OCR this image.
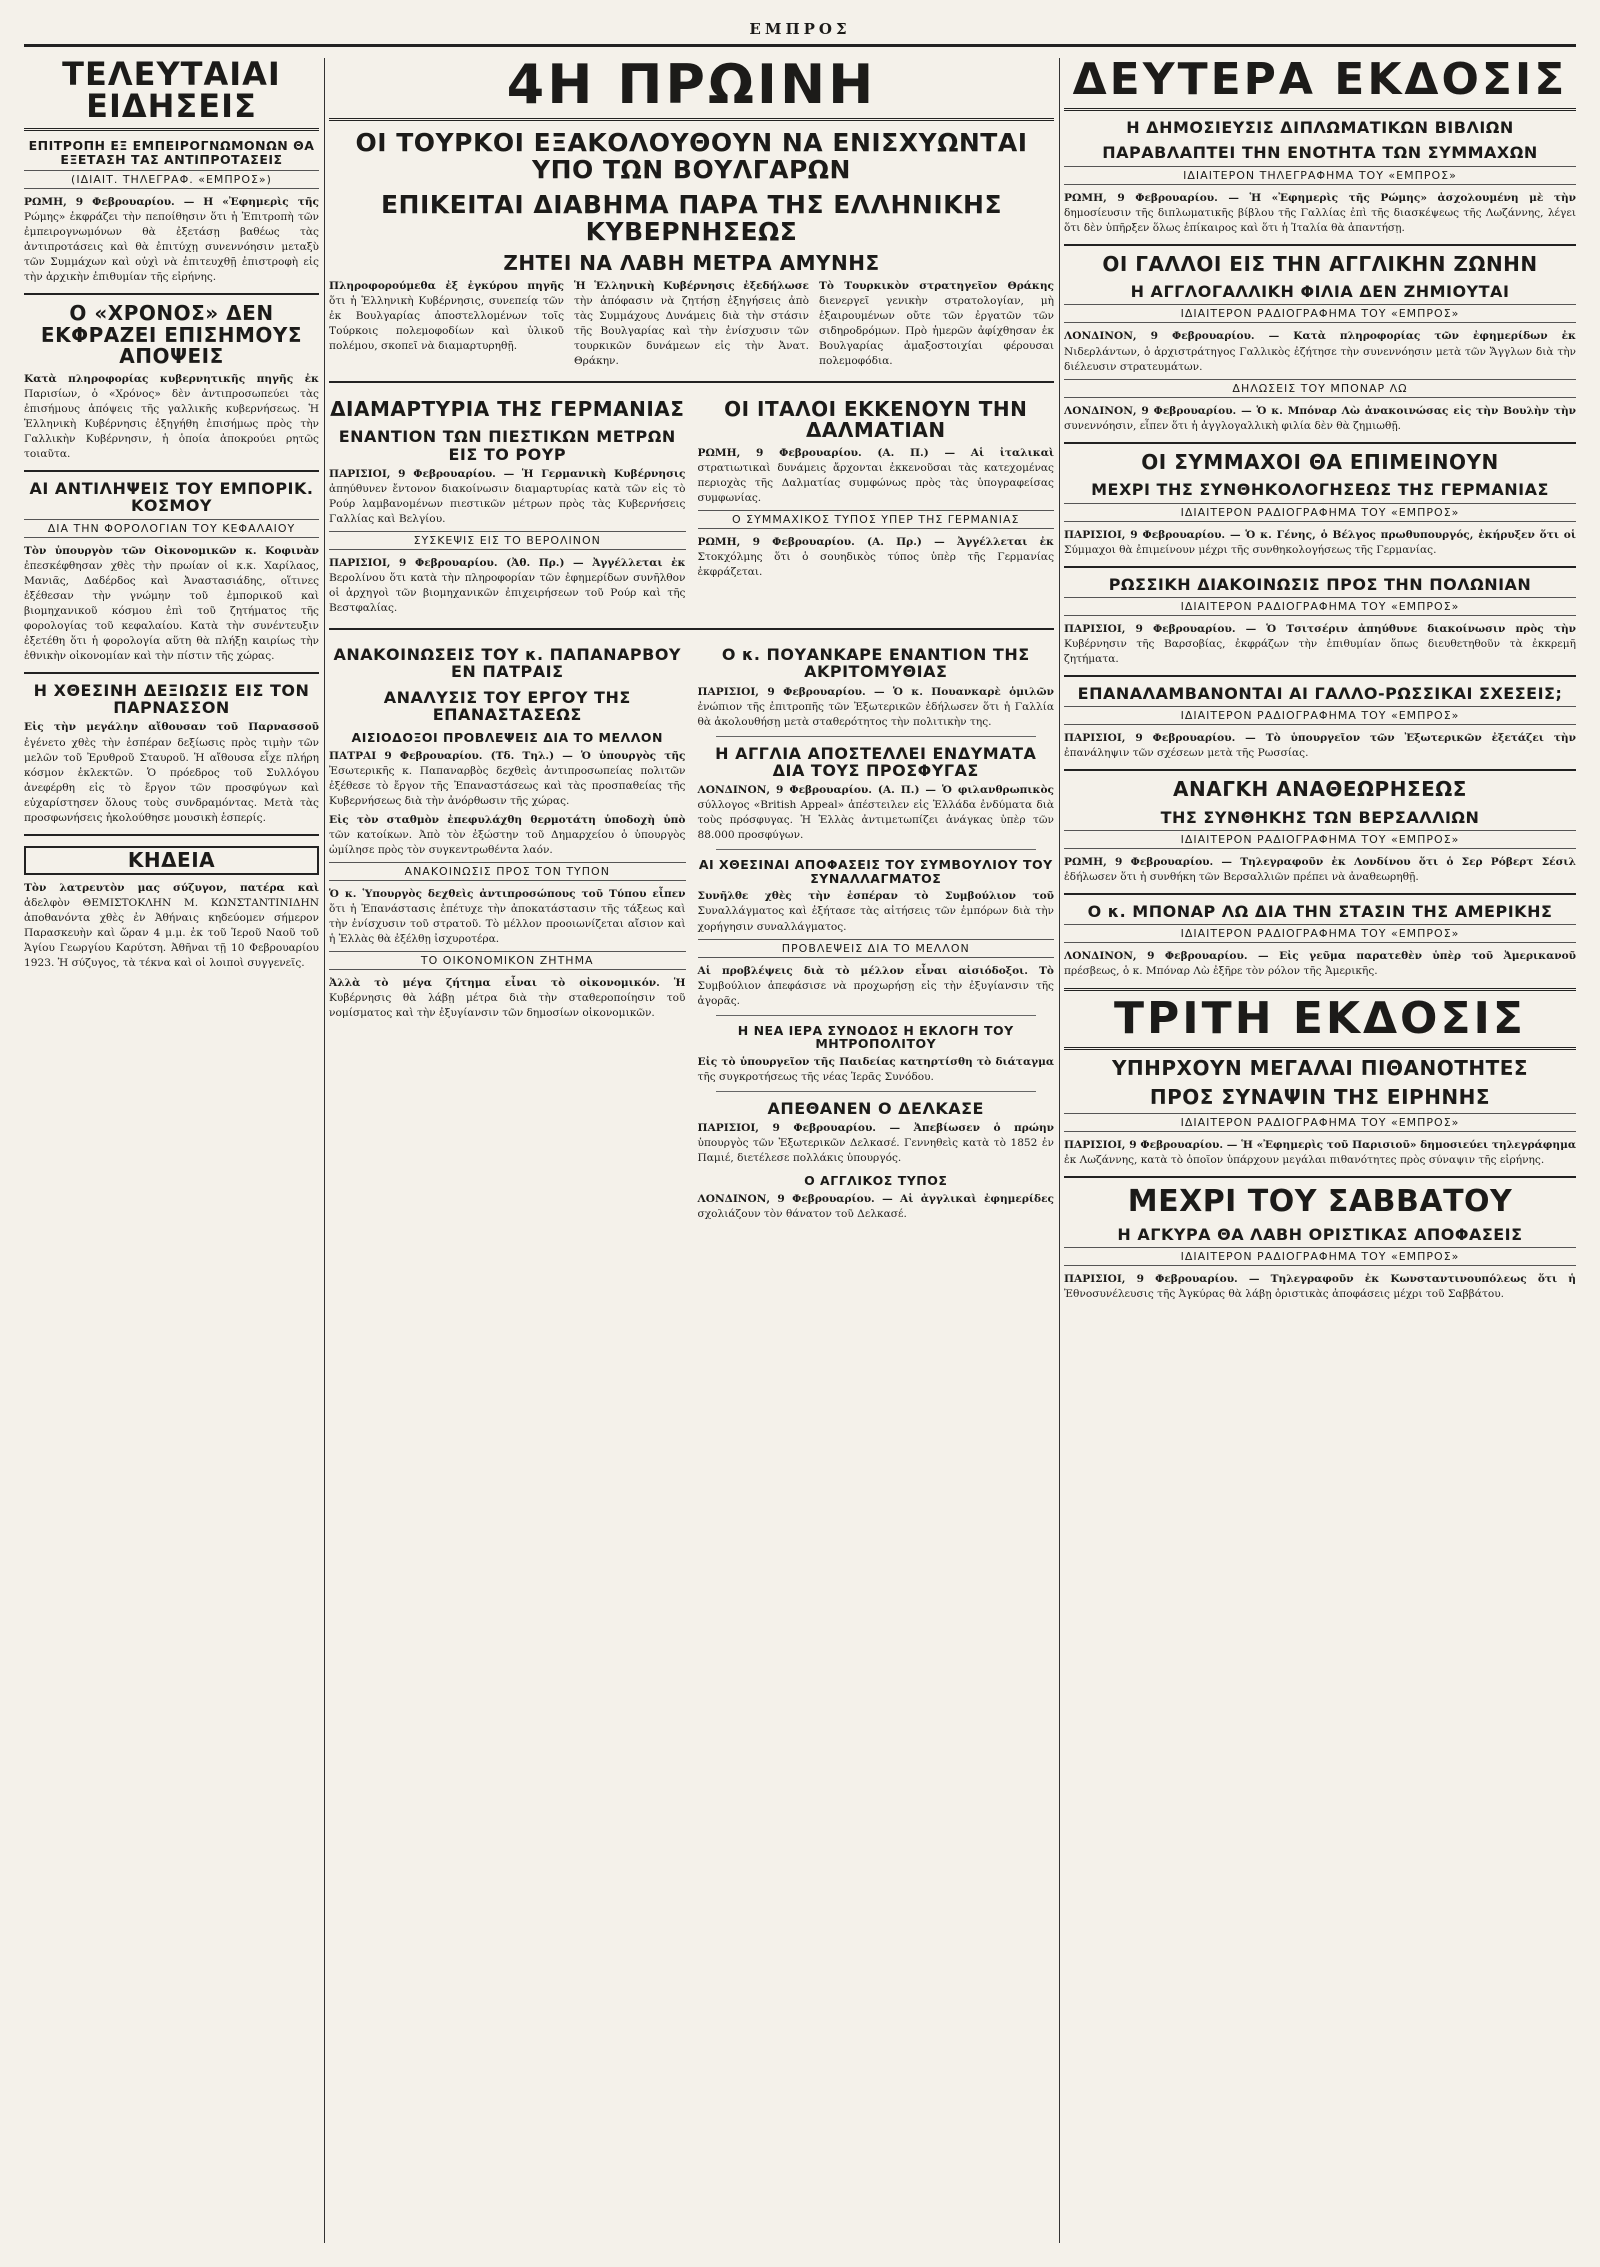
ΕΜΠΡΟΣ
ΤΕΛΕΥΤΑΙΑΙ ΕΙΔΗΣΕΙΣ
ΕΠΙΤΡΟΠΗ ΕΞ ΕΜΠΕΙΡΟΓΝΩΜΟΝΩΝ ΘΑ ΕΞΕΤΑΣΗ ΤΑΣ ΑΝΤΙΠΡΟΤΑΣΕΙΣ
(ΙΔΙΑΙΤ. ΤΗΛΕΓΡΑΦ. «ΕΜΠΡΟΣ»)

ΡΩΜΗ, 9 Φεβρουαρίου. — Η «Ἐφημερὶς τῆς Ρώμης» ἐκφράζει τὴν πεποίθησιν ὅτι ἡ Ἐπιτροπὴ τῶν ἐμπειρογνωμόνων θὰ ἐξετάσῃ βαθέως τὰς ἀντιπροτάσεις καὶ θὰ ἐπιτύχῃ συνεννόησιν μεταξὺ τῶν Συμμάχων καὶ οὐχὶ νὰ ἐπιτευχθῇ ἐπιστροφὴ εἰς τὴν ἀρχικὴν ἐπιθυμίαν τῆς εἰρήνης.

Ο «ΧΡΟΝΟΣ» ΔΕΝ ΕΚΦΡΑΖΕΙ ΕΠΙΣΗΜΟΥΣ ΑΠΟΨΕΙΣ

Κατὰ πληροφορίας κυβερνητικῆς πηγῆς ἐκ Παρισίων, ὁ «Χρόνος» δὲν ἀντιπροσωπεύει τὰς ἐπισήμους ἀπόψεις τῆς γαλλικῆς κυβερνήσεως. Ἡ Ἑλληνικὴ Κυβέρνησις ἐξηγήθη ἐπισήμως πρὸς τὴν Γαλλικὴν Κυβέρνησιν, ἡ ὁποία ἀποκρούει ρητῶς τοιαῦτα.

ΑΙ ΑΝΤΙΛΗΨΕΙΣ ΤΟΥ ΕΜΠΟΡΙΚ. ΚΟΣΜΟΥ
ΔΙΑ ΤΗΝ ΦΟΡΟΛΟΓΙΑΝ ΤΟΥ ΚΕΦΑΛΑΙΟΥ

Τὸν ὑπουργὸν τῶν Οἰκονομικῶν κ. Κοφινὰν ἐπεσκέφθησαν χθὲς τὴν πρωίαν οἱ κ.κ. Χαρίλαος, Μανιᾶς, Δαδέρδος καὶ Ἀναστασιάδης, οἵτινες ἐξέθεσαν τὴν γνώμην τοῦ ἐμπορικοῦ καὶ βιομηχανικοῦ κόσμου ἐπὶ τοῦ ζητήματος τῆς φορολογίας τοῦ κεφαλαίου. Κατὰ τὴν συνέντευξιν ἐξετέθη ὅτι ἡ φορολογία αὕτη θὰ πλήξῃ καιρίως τὴν ἐθνικὴν οἰκονομίαν καὶ τὴν πίστιν τῆς χώρας.

Η ΧΘΕΣΙΝΗ ΔΕΞΙΩΣΙΣ ΕΙΣ ΤΟΝ ΠΑΡΝΑΣΣΟΝ

Εἰς τὴν μεγάλην αἴθουσαν τοῦ Παρνασσοῦ ἐγένετο χθὲς τὴν ἑσπέραν δεξίωσις πρὸς τιμὴν τῶν μελῶν τοῦ Ἐρυθροῦ Σταυροῦ. Ἡ αἴθουσα εἶχε πλήρη κόσμον ἐκλεκτῶν. Ὁ πρόεδρος τοῦ Συλλόγου ἀνεφέρθη εἰς τὸ ἔργον τῶν προσφύγων καὶ εὐχαρίστησεν ὅλους τοὺς συνδραμόντας. Μετὰ τὰς προσφωνήσεις ἠκολούθησε μουσικὴ ἑσπερίς.

ΚΗΔΕΙΑ

Τὸν λατρευτὸν μας σύζυγον, πατέρα καὶ ἀδελφὸν ΘΕΜΙΣΤΟΚΛΗΝ Μ. ΚΩΝΣΤΑΝΤΙΝΙΔΗΝ ἀποθανόντα χθὲς ἐν Ἀθήναις κηδεύομεν σήμερον Παρασκευὴν καὶ ὥραν 4 μ.μ. ἐκ τοῦ Ἱεροῦ Ναοῦ τοῦ Ἁγίου Γεωργίου Καρύτση. Ἀθῆναι τῇ 10 Φεβρουαρίου 1923. Ἡ σύζυγος, τὰ τέκνα καὶ οἱ λοιποὶ συγγενεῖς.

4Η ΠΡΩΙΝΗ
ΟΙ ΤΟΥΡΚΟΙ ΕΞΑΚΟΛΟΥΘΟΥΝ ΝΑ ΕΝΙΣΧΥΩΝΤΑΙ ΥΠΟ ΤΩΝ ΒΟΥΛΓΑΡΩΝ
ΕΠΙΚΕΙΤΑΙ ΔΙΑΒΗΜΑ ΠΑΡΑ ΤΗΣ ΕΛΛΗΝΙΚΗΣ ΚΥΒΕΡΝΗΣΕΩΣ
ΖΗΤΕΙ ΝΑ ΛΑΒΗ ΜΕΤΡΑ ΑΜΥΝΗΣ

Πληροφορούμεθα ἐξ ἐγκύρου πηγῆς ὅτι ἡ Ἑλληνικὴ Κυβέρνησις, συνεπείᾳ τῶν ἐκ Βουλγαρίας ἀποστελλομένων τοῖς Τούρκοις πολεμοφοδίων καὶ ὑλικοῦ πολέμου, σκοπεῖ νὰ διαμαρτυρηθῇ.

Ἡ Ἑλληνικὴ Κυβέρνησις ἐξεδήλωσε τὴν ἀπόφασιν νὰ ζητήσῃ ἐξηγήσεις ἀπὸ τὰς Συμμάχους Δυνάμεις διὰ τὴν στάσιν τῆς Βουλγαρίας καὶ τὴν ἐνίσχυσιν τῶν τουρκικῶν δυνάμεων εἰς τὴν Ἀνατ. Θράκην.

Τὸ Τουρκικὸν στρατηγεῖον Θράκης διενεργεῖ γενικὴν στρατολογίαν, μὴ ἐξαιρουμένων οὔτε τῶν ἐργατῶν τῶν σιδηροδρόμων. Πρὸ ἡμερῶν ἀφίχθησαν ἐκ Βουλγαρίας ἁμαξοστοιχίαι φέρουσαι πολεμοφόδια.

ΔΙΑΜΑΡΤΥΡΙΑ ΤΗΣ ΓΕΡΜΑΝΙΑΣ
ΕΝΑΝΤΙΟΝ ΤΩΝ ΠΙΕΣΤΙΚΩΝ ΜΕΤΡΩΝ ΕΙΣ ΤΟ ΡΟΥΡ

ΠΑΡΙΣΙΟΙ, 9 Φεβρουαρίου. — Ἡ Γερμανικὴ Κυβέρνησις ἀπηύθυνεν ἔντονον διακοίνωσιν διαμαρτυρίας κατὰ τῶν εἰς τὸ Ρούρ λαμβανομένων πιεστικῶν μέτρων πρὸς τὰς Κυβερνήσεις Γαλλίας καὶ Βελγίου.

ΣΥΣΚΕΨΙΣ ΕΙΣ ΤΟ ΒΕΡΟΛΙΝΟΝ

ΠΑΡΙΣΙΟΙ, 9 Φεβρουαρίου. (Ἀθ. Πρ.) — Ἀγγέλλεται ἐκ Βερολίνου ὅτι κατὰ τὴν πληροφορίαν τῶν ἐφημερίδων συνῆλθον οἱ ἀρχηγοὶ τῶν βιομηχανικῶν ἐπιχειρήσεων τοῦ Ρούρ καὶ τῆς Βεστφαλίας.

ΟΙ ΙΤΑΛΟΙ ΕΚΚΕΝΟΥΝ ΤΗΝ ΔΑΛΜΑΤΙΑΝ

ΡΩΜΗ, 9 Φεβρουαρίου. (Α. Π.) — Αἱ ἰταλικαὶ στρατιωτικαὶ δυνάμεις ἄρχονται ἐκκενοῦσαι τὰς κατεχομένας περιοχὰς τῆς Δαλματίας συμφώνως πρὸς τὰς ὑπογραφείσας συμφωνίας.

Ο ΣΥΜΜΑΧΙΚΟΣ ΤΥΠΟΣ ΥΠΕΡ ΤΗΣ ΓΕΡΜΑΝΙΑΣ

ΡΩΜΗ, 9 Φεβρουαρίου. (Α. Πρ.) — Ἀγγέλλεται ἐκ Στοκχόλμης ὅτι ὁ σουηδικὸς τύπος ὑπὲρ τῆς Γερμανίας ἐκφράζεται.

ΑΝΑΚΟΙΝΩΣΕΙΣ ΤΟΥ κ. ΠΑΠΑΝΑΡΒΟΥ ΕΝ ΠΑΤΡΑΙΣ
ΑΝΑΛΥΣΙΣ ΤΟΥ ΕΡΓΟΥ ΤΗΣ ΕΠΑΝΑΣΤΑΣΕΩΣ
ΑΙΣΙΟΔΟΞΟΙ ΠΡΟΒΛΕΨΕΙΣ ΔΙΑ ΤΟ ΜΕΛΛΟΝ

ΠΑΤΡΑΙ 9 Φεβρουαρίου. (Τδ. Τηλ.) — Ὁ ὑπουργὸς τῆς Ἐσωτερικῆς κ. Παπαναρβὸς δεχθεὶς ἀντιπροσωπείας πολιτῶν ἐξέθεσε τὸ ἔργον τῆς Ἐπαναστάσεως καὶ τὰς προσπαθείας τῆς Κυβερνήσεως διὰ τὴν ἀνόρθωσιν τῆς χώρας.

Εἰς τὸν σταθμὸν ἐπεφυλάχθη θερμοτάτη ὑποδοχὴ ὑπὸ τῶν κατοίκων. Ἀπὸ τὸν ἐξώστην τοῦ Δημαρχείου ὁ ὑπουργὸς ὡμίλησε πρὸς τὸν συγκεντρωθέντα λαόν.

ΑΝΑΚΟΙΝΩΣΙΣ ΠΡΟΣ ΤΟΝ ΤΥΠΟΝ

Ὁ κ. Ὑπουργὸς δεχθεὶς ἀντιπροσώπους τοῦ Τύπου εἶπεν ὅτι ἡ Ἐπανάστασις ἐπέτυχε τὴν ἀποκατάστασιν τῆς τάξεως καὶ τὴν ἐνίσχυσιν τοῦ στρατοῦ. Τὸ μέλλον προοιωνίζεται αἴσιον καὶ ἡ Ἑλλὰς θὰ ἐξέλθῃ ἰσχυροτέρα.

ΤΟ ΟΙΚΟΝΟΜΙΚΟΝ ΖΗΤΗΜΑ

Ἀλλὰ τὸ μέγα ζήτημα εἶναι τὸ οἰκονομικόν. Ἡ Κυβέρνησις θὰ λάβῃ μέτρα διὰ τὴν σταθεροποίησιν τοῦ νομίσματος καὶ τὴν ἐξυγίανσιν τῶν δημοσίων οἰκονομικῶν.

Ο κ. ΠΟΥΑΝΚΑΡΕ ΕΝΑΝΤΙΟΝ ΤΗΣ ΑΚΡΙΤΟΜΥΘΙΑΣ

ΠΑΡΙΣΙΟΙ, 9 Φεβρουαρίου. — Ὁ κ. Πουανκαρὲ ὁμιλῶν ἐνώπιον τῆς ἐπιτροπῆς τῶν Ἐξωτερικῶν ἐδήλωσεν ὅτι ἡ Γαλλία θὰ ἀκολουθήσῃ μετὰ σταθερότητος τὴν πολιτικὴν της.

Η ΑΓΓΛΙΑ ΑΠΟΣΤΕΛΛΕΙ ΕΝΔΥΜΑΤΑ ΔΙΑ ΤΟΥΣ ΠΡΟΣΦΥΓΑΣ

ΛΟΝΔΙΝΟΝ, 9 Φεβρουαρίου. (Α. Π.) — Ὁ φιλανθρωπικὸς σύλλογος «British Appeal» ἀπέστειλεν εἰς Ἑλλάδα ἐνδύματα διὰ τοὺς πρόσφυγας. Ἡ Ἑλλὰς ἀντιμετωπίζει ἀνάγκας ὑπὲρ τῶν 88.000 προσφύγων.

ΑΙ ΧΘΕΣΙΝΑΙ ΑΠΟΦΑΣΕΙΣ ΤΟΥ ΣΥΜΒΟΥΛΙΟΥ ΤΟΥ ΣΥΝΑΛΛΑΓΜΑΤΟΣ

Συνῆλθε χθὲς τὴν ἑσπέραν τὸ Συμβούλιον τοῦ Συναλλάγματος καὶ ἐξήτασε τὰς αἰτήσεις τῶν ἐμπόρων διὰ τὴν χορήγησιν συναλλάγματος.

ΠΡΟΒΛΕΨΕΙΣ ΔΙΑ ΤΟ ΜΕΛΛΟΝ

Αἱ προβλέψεις διὰ τὸ μέλλον εἶναι αἰσιόδοξοι. Τὸ Συμβούλιον ἀπεφάσισε νὰ προχωρήσῃ εἰς τὴν ἐξυγίανσιν τῆς ἀγορᾶς.

Η ΝΕΑ ΙΕΡΑ ΣΥΝΟΔΟΣ Η ΕΚΛΟΓΗ ΤΟΥ ΜΗΤΡΟΠΟΛΙΤΟΥ

Εἰς τὸ ὑπουργεῖον τῆς Παιδείας κατηρτίσθη τὸ διάταγμα τῆς συγκροτήσεως τῆς νέας Ἱερᾶς Συνόδου.

ΑΠΕΘΑΝΕΝ Ο ΔΕΛΚΑΣΕ

ΠΑΡΙΣΙΟΙ, 9 Φεβρουαρίου. — Ἀπεβίωσεν ὁ πρώην ὑπουργὸς τῶν Ἐξωτερικῶν Δελκασέ. Γεννηθεὶς κατὰ τὸ 1852 ἐν Παμιέ, διετέλεσε πολλάκις ὑπουργός.

Ο ΑΓΓΛΙΚΟΣ ΤΥΠΟΣ

ΛΟΝΔΙΝΟΝ, 9 Φεβρουαρίου. — Αἱ ἀγγλικαὶ ἐφημερίδες σχολιάζουν τὸν θάνατον τοῦ Δελκασέ.

ΔΕΥΤΕΡΑ ΕΚΔΟΣΙΣ
Η ΔΗΜΟΣΙΕΥΣΙΣ ΔΙΠΛΩΜΑΤΙΚΩΝ ΒΙΒΛΙΩΝ
ΠΑΡΑΒΛΑΠΤΕΙ ΤΗΝ ΕΝΟΤΗΤΑ ΤΩΝ ΣΥΜΜΑΧΩΝ
ΙΔΙΑΙΤΕΡΟΝ ΤΗΛΕΓΡΑΦΗΜΑ ΤΟΥ «ΕΜΠΡΟΣ»

ΡΩΜΗ, 9 Φεβρουαρίου. — Ἡ «Ἐφημερὶς τῆς Ρώμης» ἀσχολουμένη μὲ τὴν δημοσίευσιν τῆς διπλωματικῆς βίβλου τῆς Γαλλίας ἐπὶ τῆς διασκέψεως τῆς Λωζάννης, λέγει ὅτι δὲν ὑπῆρξεν ὅλως ἐπίκαιρος καὶ ὅτι ἡ Ἰταλία θὰ ἀπαντήσῃ.

ΟΙ ΓΑΛΛΟΙ ΕΙΣ ΤΗΝ ΑΓΓΛΙΚΗΝ ΖΩΝΗΝ
Η ΑΓΓΛΟΓΑΛΛΙΚΗ ΦΙΛΙΑ ΔΕΝ ΖΗΜΙΟΥΤΑΙ
ΙΔΙΑΙΤΕΡΟΝ ΡΑΔΙΟΓΡΑΦΗΜΑ ΤΟΥ «ΕΜΠΡΟΣ»

ΛΟΝΔΙΝΟΝ, 9 Φεβρουαρίου. — Κατὰ πληροφορίας τῶν ἐφημερίδων ἐκ Νιδερλάντων, ὁ ἀρχιστράτηγος Γαλλικὸς ἐζήτησε τὴν συνεννόησιν μετὰ τῶν Ἄγγλων διὰ τὴν διέλευσιν στρατευμάτων.

ΔΗΛΩΣΕΙΣ ΤΟΥ ΜΠΟΝΑΡ ΛΩ

ΛΟΝΔΙΝΟΝ, 9 Φεβρουαρίου. — Ὁ κ. Μπόναρ Λὼ ἀνακοινώσας εἰς τὴν Βουλὴν τὴν συνεννόησιν, εἶπεν ὅτι ἡ ἀγγλογαλλικὴ φιλία δὲν θὰ ζημιωθῇ.

ΟΙ ΣΥΜΜΑΧΟΙ ΘΑ ΕΠΙΜΕΙΝΟΥΝ
ΜΕΧΡΙ ΤΗΣ ΣΥΝΘΗΚΟΛΟΓΗΣΕΩΣ ΤΗΣ ΓΕΡΜΑΝΙΑΣ
ΙΔΙΑΙΤΕΡΟΝ ΡΑΔΙΟΓΡΑΦΗΜΑ ΤΟΥ «ΕΜΠΡΟΣ»

ΠΑΡΙΣΙΟΙ, 9 Φεβρουαρίου. — Ὁ κ. Γένης, ὁ Βέλγος πρωθυπουργός, ἐκήρυξεν ὅτι οἱ Σύμμαχοι θὰ ἐπιμείνουν μέχρι τῆς συνθηκολογήσεως τῆς Γερμανίας.

ΡΩΣΣΙΚΗ ΔΙΑΚΟΙΝΩΣΙΣ ΠΡΟΣ ΤΗΝ ΠΟΛΩΝΙΑΝ
ΙΔΙΑΙΤΕΡΟΝ ΡΑΔΙΟΓΡΑΦΗΜΑ ΤΟΥ «ΕΜΠΡΟΣ»

ΠΑΡΙΣΙΟΙ, 9 Φεβρουαρίου. — Ὁ Τσιτσέριν ἀπηύθυνε διακοίνωσιν πρὸς τὴν Κυβέρνησιν τῆς Βαρσοβίας, ἐκφράζων τὴν ἐπιθυμίαν ὅπως διευθετηθοῦν τὰ ἐκκρεμῆ ζητήματα.

ΕΠΑΝΑΛΑΜΒΑΝΟΝΤΑΙ ΑΙ ΓΑΛΛΟ-ΡΩΣΣΙΚΑΙ ΣΧΕΣΕΙΣ;
ΙΔΙΑΙΤΕΡΟΝ ΡΑΔΙΟΓΡΑΦΗΜΑ ΤΟΥ «ΕΜΠΡΟΣ»

ΠΑΡΙΣΙΟΙ, 9 Φεβρουαρίου. — Τὸ ὑπουργεῖον τῶν Ἐξωτερικῶν ἐξετάζει τὴν ἐπανάληψιν τῶν σχέσεων μετὰ τῆς Ρωσσίας.

ΑΝΑΓΚΗ ΑΝΑΘΕΩΡΗΣΕΩΣ
ΤΗΣ ΣΥΝΘΗΚΗΣ ΤΩΝ ΒΕΡΣΑΛΛΙΩΝ
ΙΔΙΑΙΤΕΡΟΝ ΡΑΔΙΟΓΡΑΦΗΜΑ ΤΟΥ «ΕΜΠΡΟΣ»

ΡΩΜΗ, 9 Φεβρουαρίου. — Τηλεγραφοῦν ἐκ Λονδίνου ὅτι ὁ Σερ Ρόβερτ Σέσιλ ἐδήλωσεν ὅτι ἡ συνθήκη τῶν Βερσαλλιῶν πρέπει νὰ ἀναθεωρηθῇ.

Ο κ. ΜΠΟΝΑΡ ΛΩ ΔΙΑ ΤΗΝ ΣΤΑΣΙΝ ΤΗΣ ΑΜΕΡΙΚΗΣ
ΙΔΙΑΙΤΕΡΟΝ ΡΑΔΙΟΓΡΑΦΗΜΑ ΤΟΥ «ΕΜΠΡΟΣ»

ΛΟΝΔΙΝΟΝ, 9 Φεβρουαρίου. — Εἰς γεῦμα παρατεθὲν ὑπὲρ τοῦ Ἀμερικανοῦ πρέσβεως, ὁ κ. Μπόναρ Λὼ ἐξῆρε τὸν ρόλον τῆς Ἀμερικῆς.

ΤΡΙΤΗ ΕΚΔΟΣΙΣ
ΥΠΗΡΧΟΥΝ ΜΕΓΑΛΑΙ ΠΙΘΑΝΟΤΗΤΕΣ
ΠΡΟΣ ΣΥΝΑΨΙΝ ΤΗΣ ΕΙΡΗΝΗΣ
ΙΔΙΑΙΤΕΡΟΝ ΡΑΔΙΟΓΡΑΦΗΜΑ ΤΟΥ «ΕΜΠΡΟΣ»

ΠΑΡΙΣΙΟΙ, 9 Φεβρουαρίου. — Ἡ «Ἐφημερὶς τοῦ Παρισιοῦ» δημοσιεύει τηλεγράφημα ἐκ Λωζάννης, κατὰ τὸ ὁποῖον ὑπάρχουν μεγάλαι πιθανότητες πρὸς σύναψιν τῆς εἰρήνης.

ΜΕΧΡΙ ΤΟΥ ΣΑΒΒΑΤΟΥ
Η ΑΓΚΥΡΑ ΘΑ ΛΑΒΗ ΟΡΙΣΤΙΚΑΣ ΑΠΟΦΑΣΕΙΣ
ΙΔΙΑΙΤΕΡΟΝ ΡΑΔΙΟΓΡΑΦΗΜΑ ΤΟΥ «ΕΜΠΡΟΣ»

ΠΑΡΙΣΙΟΙ, 9 Φεβρουαρίου. — Τηλεγραφοῦν ἐκ Κωνσταντινουπόλεως ὅτι ἡ Ἐθνοσυνέλευσις τῆς Ἀγκύρας θὰ λάβῃ ὁριστικὰς ἀποφάσεις μέχρι τοῦ Σαββάτου.
